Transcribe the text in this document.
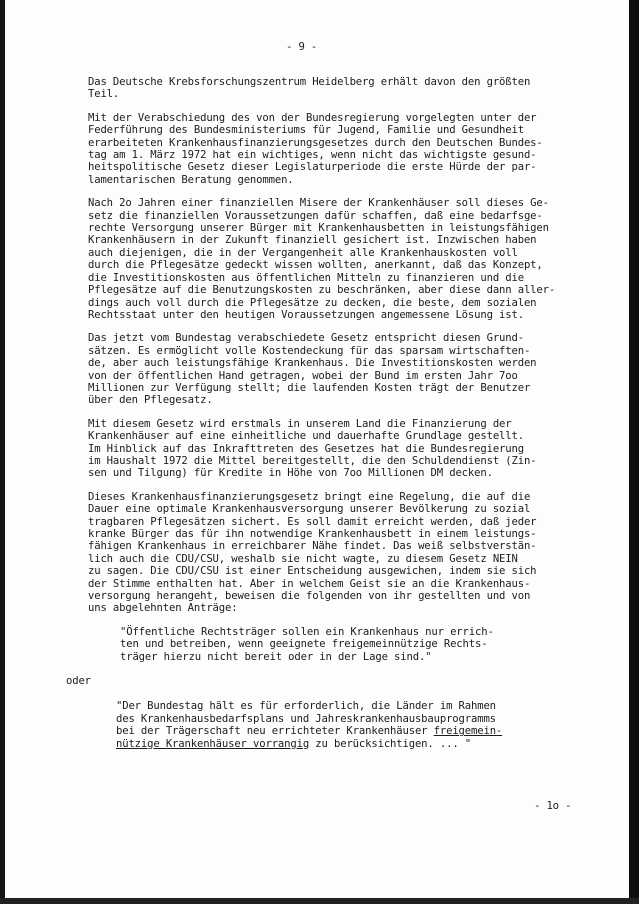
- 9 -
Das Deutsche Krebsforschungszentrum Heidelberg erhält davon den größten
Teil.
Mit der Verabschiedung des von der Bundesregierung vorgelegten unter der
Federführung des Bundesministeriums für Jugend, Familie und Gesundheit
erarbeiteten Krankenhausfinanzierungsgesetzes durch den Deutschen Bundes-
tag am 1. März 1972 hat ein wichtiges, wenn nicht das wichtigste gesund-
heitspolitische Gesetz dieser Legislaturperiode die erste Hürde der par-
lamentarischen Beratung genommen.
Nach 2o Jahren einer finanziellen Misere der Krankenhäuser soll dieses Ge-
setz die finanziellen Voraussetzungen dafür schaffen, daß eine bedarfsge-
rechte Versorgung unserer Bürger mit Krankenhausbetten in leistungsfähigen
Krankenhäusern in der Zukunft finanziell gesichert ist. Inzwischen haben
auch diejenigen, die in der Vergangenheit alle Krankenhauskosten voll
durch die Pflegesätze gedeckt wissen wollten, anerkannt, daß das Konzept,
die Investitionskosten aus öffentlichen Mitteln zu finanzieren und die
Pflegesätze auf die Benutzungskosten zu beschränken, aber diese dann aller-
dings auch voll durch die Pflegesätze zu decken, die beste, dem sozialen
Rechtsstaat unter den heutigen Voraussetzungen angemessene Lösung ist.
Das jetzt vom Bundestag verabschiedete Gesetz entspricht diesen Grund-
sätzen. Es ermöglicht volle Kostendeckung für das sparsam wirtschaften-
de, aber auch leistungsfähige Krankenhaus. Die Investitionskosten werden
von der öffentlichen Hand getragen, wobei der Bund im ersten Jahr 7oo
Millionen zur Verfügung stellt; die laufenden Kosten trägt der Benutzer
über den Pflegesatz.
Mit diesem Gesetz wird erstmals in unserem Land die Finanzierung der
Krankenhäuser auf eine einheitliche und dauerhafte Grundlage gestellt.
Im Hinblick auf das Inkrafttreten des Gesetzes hat die Bundesregierung
im Haushalt 1972 die Mittel bereitgestellt, die den Schuldendienst (Zin-
sen und Tilgung) für Kredite in Höhe von 7oo Millionen DM decken.
Dieses Krankenhausfinanzierungsgesetz bringt eine Regelung, die auf die
Dauer eine optimale Krankenhausversorgung unserer Bevölkerung zu sozial
tragbaren Pflegesätzen sichert. Es soll damit erreicht werden, daß jeder
kranke Bürger das für ihn notwendige Krankenhausbett in einem leistungs-
fähigen Krankenhaus in erreichbarer Nähe findet. Das weiß selbstverstän-
lich auch die CDU/CSU, weshalb sie nicht wagte, zu diesem Gesetz NEIN
zu sagen. Die CDU/CSU ist einer Entscheidung ausgewichen, indem sie sich
der Stimme enthalten hat. Aber in welchem Geist sie an die Krankenhaus-
versorgung herangeht, beweisen die folgenden von ihr gestellten und von
uns abgelehnten Anträge:
"Öffentliche Rechtsträger sollen ein Krankenhaus nur errich-
ten und betreiben, wenn geeignete freigemeinnützige Rechts-
träger hierzu nicht bereit oder in der Lage sind."
oder
"Der Bundestag hält es für erforderlich, die Länder im Rahmen
des Krankenhausbedarfsplans und Jahreskrankenhausbauprogramms
bei der Trägerschaft neu errichteter Krankenhäuser freigemein-
nützige Krankenhäuser vorrangig zu berücksichtigen. ... "
- 1o -
